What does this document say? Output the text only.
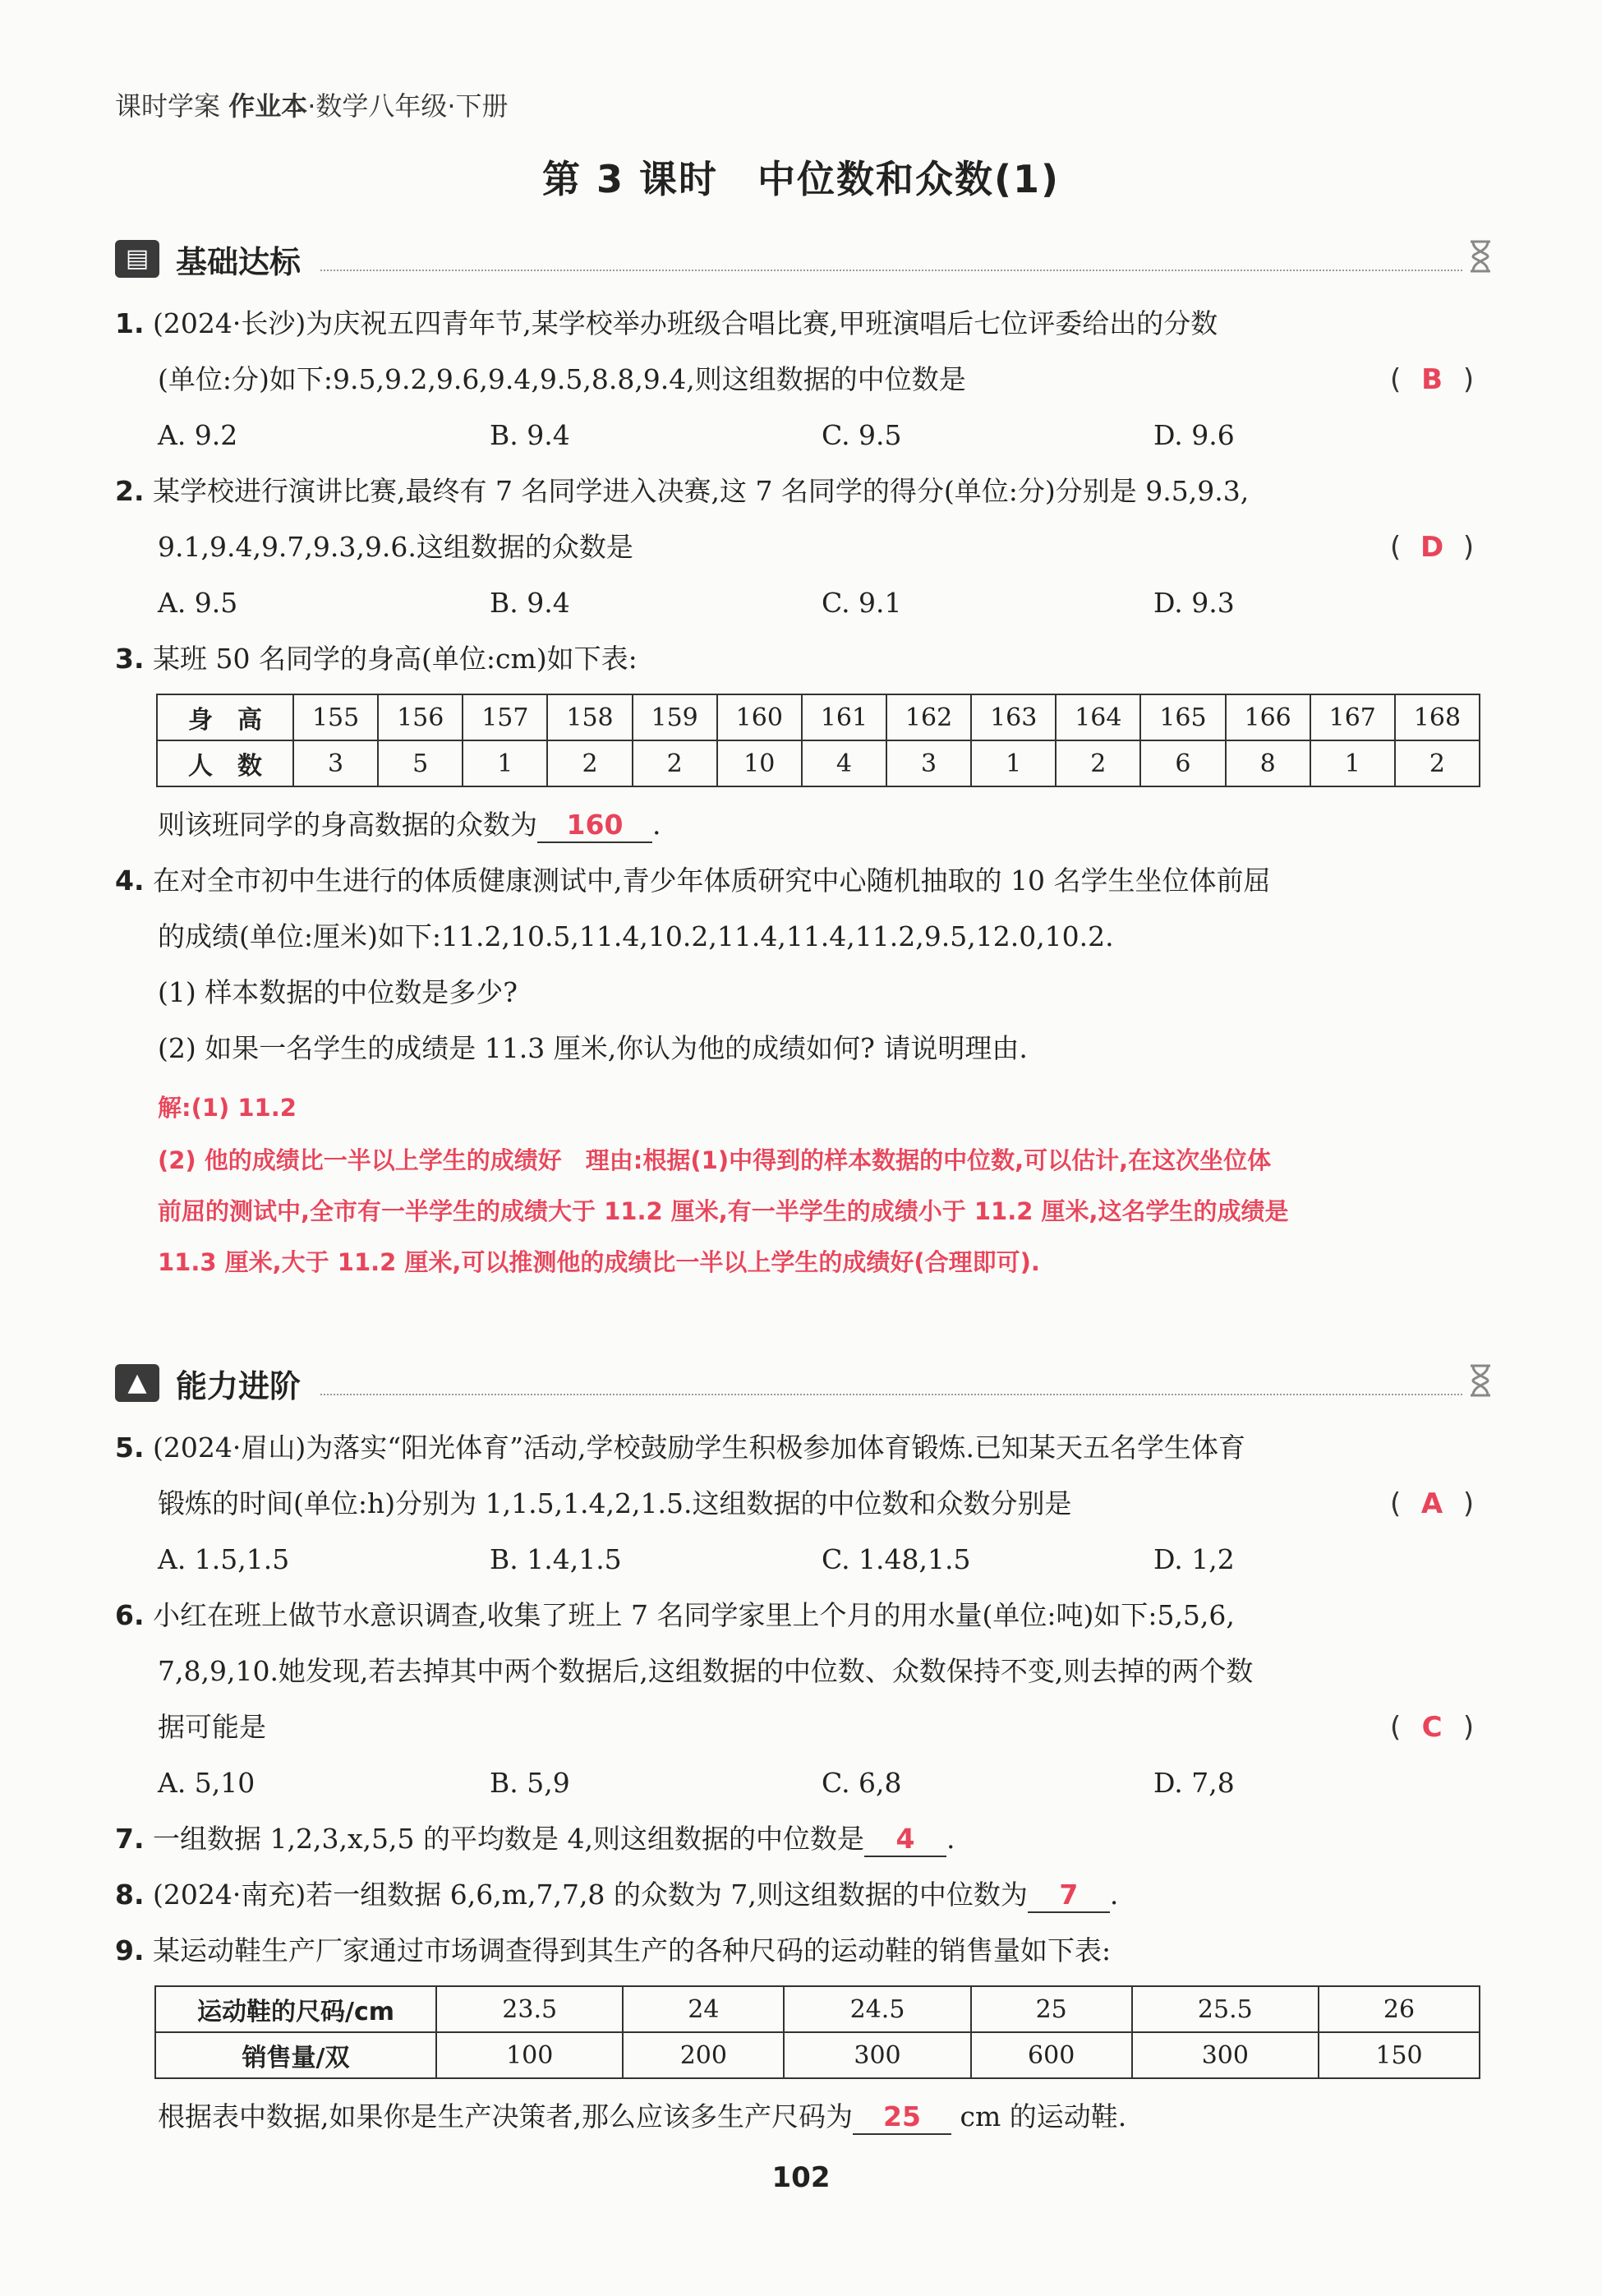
课时学案 作业本·数学八年级·下册
第 3 课时　中位数和众数(1)
▤ 基础达标
1. (2024·长沙)为庆祝五四青年节,某学校举办班级合唱比赛,甲班演唱后七位评委给出的分数
(单位:分)如下:9.5,9.2,9.6,9.4,9.5,8.8,9.4,则这组数据的中位数是	( B )
A. 9.2	B. 9.4	C. 9.5	D. 9.6
2. 某学校进行演讲比赛,最终有 7 名同学进入决赛,这 7 名同学的得分(单位:分)分别是 9.5,9.3,
9.1,9.4,9.7,9.3,9.6.这组数据的众数是	( D )
A. 9.5	B. 9.4	C. 9.1	D. 9.3
3. 某班 50 名同学的身高(单位:cm)如下表:
身　高	155	156	157	158	159	160	161	162	163	164	165	166	167	168
人　数	3	5	1	2	2	10	4	3	1	2	6	8	1	2
则该班同学的身高数据的众数为 160 .
4. 在对全市初中生进行的体质健康测试中,青少年体质研究中心随机抽取的 10 名学生坐位体前屈
的成绩(单位:厘米)如下:11.2,10.5,11.4,10.2,11.4,11.4,11.2,9.5,12.0,10.2.
(1) 样本数据的中位数是多少?
(2) 如果一名学生的成绩是 11.3 厘米,你认为他的成绩如何? 请说明理由.
解:(1) 11.2
(2) 他的成绩比一半以上学生的成绩好　理由:根据(1)中得到的样本数据的中位数,可以估计,在这次坐位体
前屈的测试中,全市有一半学生的成绩大于 11.2 厘米,有一半学生的成绩小于 11.2 厘米,这名学生的成绩是
11.3 厘米,大于 11.2 厘米,可以推测他的成绩比一半以上学生的成绩好(合理即可).
▲ 能力进阶
5. (2024·眉山)为落实“阳光体育”活动,学校鼓励学生积极参加体育锻炼.已知某天五名学生体育
锻炼的时间(单位:h)分别为 1,1.5,1.4,2,1.5.这组数据的中位数和众数分别是	( A )
A. 1.5,1.5	B. 1.4,1.5	C. 1.48,1.5	D. 1,2
6. 小红在班上做节水意识调查,收集了班上 7 名同学家里上个月的用水量(单位:吨)如下:5,5,6,
7,8,9,10.她发现,若去掉其中两个数据后,这组数据的中位数、众数保持不变,则去掉的两个数
据可能是	( C )
A. 5,10	B. 5,9	C. 6,8	D. 7,8
7. 一组数据 1,2,3,x,5,5 的平均数是 4,则这组数据的中位数是 4 .
8. (2024·南充)若一组数据 6,6,m,7,7,8 的众数为 7,则这组数据的中位数为 7 .
9. 某运动鞋生产厂家通过市场调查得到其生产的各种尺码的运动鞋的销售量如下表:
运动鞋的尺码/cm	23.5	24	24.5	25	25.5	26
销售量/双	100	200	300	600	300	150
根据表中数据,如果你是生产决策者,那么应该多生产尺码为 25 cm 的运动鞋.
102
